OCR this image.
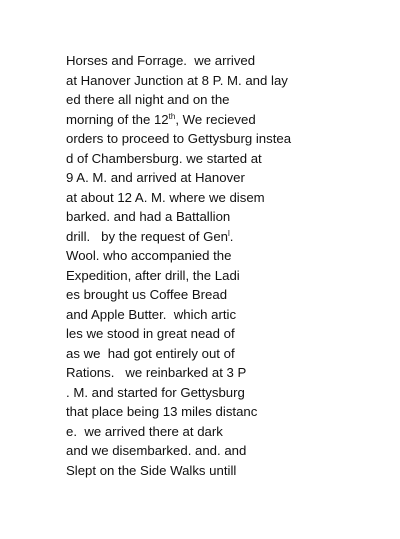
Horses and Forrage.  we arrived
at Hanover Junction at 8 P. M. and lay
ed there all night and on the
morning of the 12th, We recieved
orders to proceed to Gettysburg instea
d of Chambersburg. we started at
9 A. M. and arrived at Hanover
at about 12 A. M. where we disem
barked. and had a Battallion
drill.   by the request of Gen$^l$.
Wool. who accompanied the
Expedition, after drill, the Ladi
es brought us Coffee Bread
and Apple Butter.  which artic
les we stood in great nead of
as we  had got entirely out of
Rations.   we reinbarked at 3 P
. M. and started for Gettysburg
that place being 13 miles distanc
e.  we arrived there at dark
and we disembarked. and. and
Slept on the Side Walks untill
